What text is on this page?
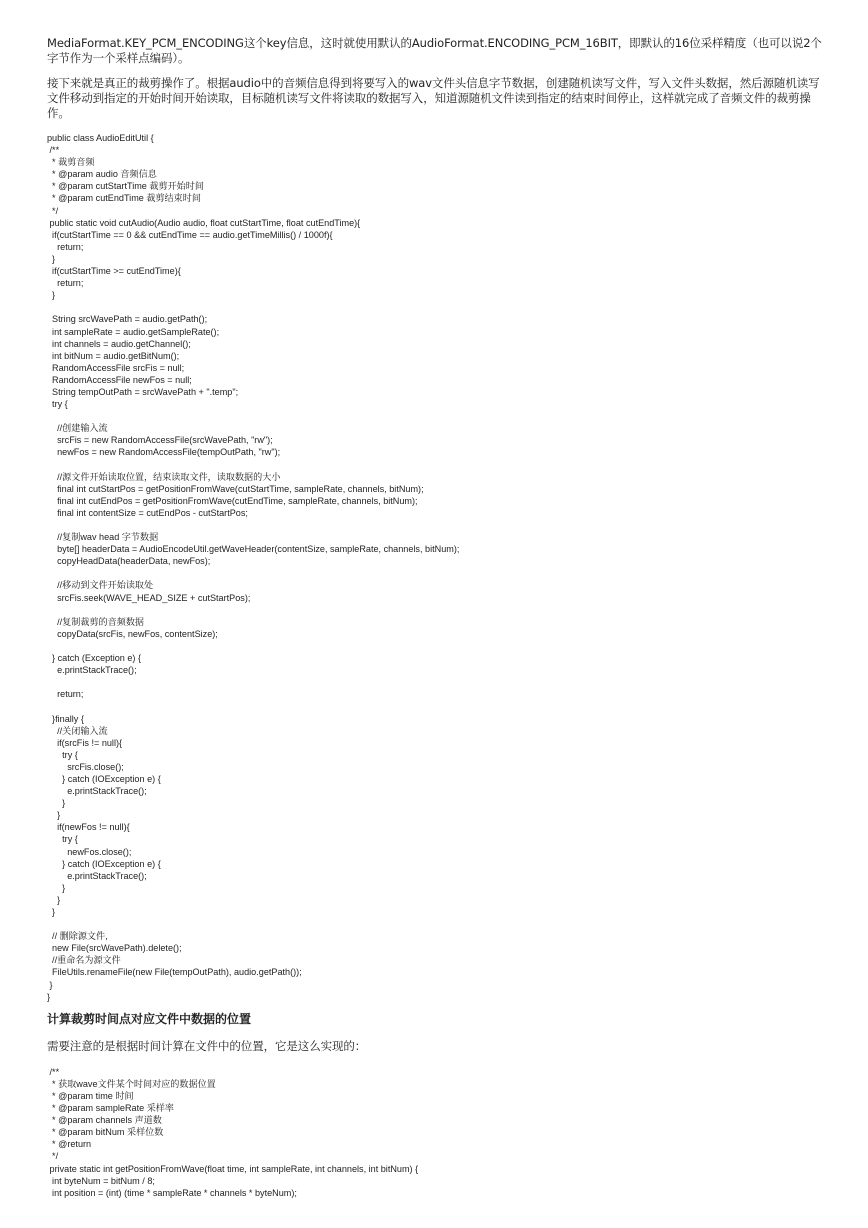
MediaFormat.KEY_PCM_ENCODING这个key信息，这时就使用默认的AudioFormat.ENCODING_PCM_16BIT，即默认的16位采样精度（也可以说2个字节作为一个采样点编码）。

接下来就是真正的裁剪操作了。根据audio中的音频信息得到将要写入的wav文件头信息字节数据，创建随机读写文件，写入文件头数据，然后源随机读写文件移动到指定的开始时间开始读取，目标随机读写文件将读取的数据写入，知道源随机文件读到指定的结束时间停止，这样就完成了音频文件的裁剪操作。

public class AudioEditUtil {
/**
* 裁剪音频
* @param audio 音频信息
* @param cutStartTime 裁剪开始时间
* @param cutEndTime 裁剪结束时间
*/
public static void cutAudio(Audio audio, float cutStartTime, float cutEndTime){
if(cutStartTime == 0 && cutEndTime == audio.getTimeMillis() / 1000f){
return;
}
if(cutStartTime >= cutEndTime){
return;
}
String srcWavePath = audio.getPath();
int sampleRate = audio.getSampleRate();
int channels = audio.getChannel();
int bitNum = audio.getBitNum();
RandomAccessFile srcFis = null;
RandomAccessFile newFos = null;
String tempOutPath = srcWavePath + ".temp";
try {
//创建输入流
srcFis = new RandomAccessFile(srcWavePath, "rw");
newFos = new RandomAccessFile(tempOutPath, "rw");
//源文件开始读取位置，结束读取文件，读取数据的大小
final int cutStartPos = getPositionFromWave(cutStartTime, sampleRate, channels, bitNum);
final int cutEndPos = getPositionFromWave(cutEndTime, sampleRate, channels, bitNum);
final int contentSize = cutEndPos - cutStartPos;
//复制wav head 字节数据
byte[] headerData = AudioEncodeUtil.getWaveHeader(contentSize, sampleRate, channels, bitNum);
copyHeadData(headerData, newFos);
//移动到文件开始读取处
srcFis.seek(WAVE_HEAD_SIZE + cutStartPos);
//复制裁剪的音频数据
copyData(srcFis, newFos, contentSize);
} catch (Exception e) {
e.printStackTrace();
return;
}finally {
//关闭输入流
if(srcFis != null){
try {
srcFis.close();
} catch (IOException e) {
e.printStackTrace();
}
}
if(newFos != null){
try {
newFos.close();
} catch (IOException e) {
e.printStackTrace();
}
}
}
// 删除源文件,
new File(srcWavePath).delete();
//重命名为源文件
FileUtils.renameFile(new File(tempOutPath), audio.getPath());
}
}
计算裁剪时间点对应文件中数据的位置

需要注意的是根据时间计算在文件中的位置，它是这么实现的：

/**
* 获取wave文件某个时间对应的数据位置
* @param time 时间
* @param sampleRate 采样率
* @param channels 声道数
* @param bitNum 采样位数
* @return
*/
private static int getPositionFromWave(float time, int sampleRate, int channels, int bitNum) {
int byteNum = bitNum / 8;
int position = (int) (time * sampleRate * channels * byteNum);
